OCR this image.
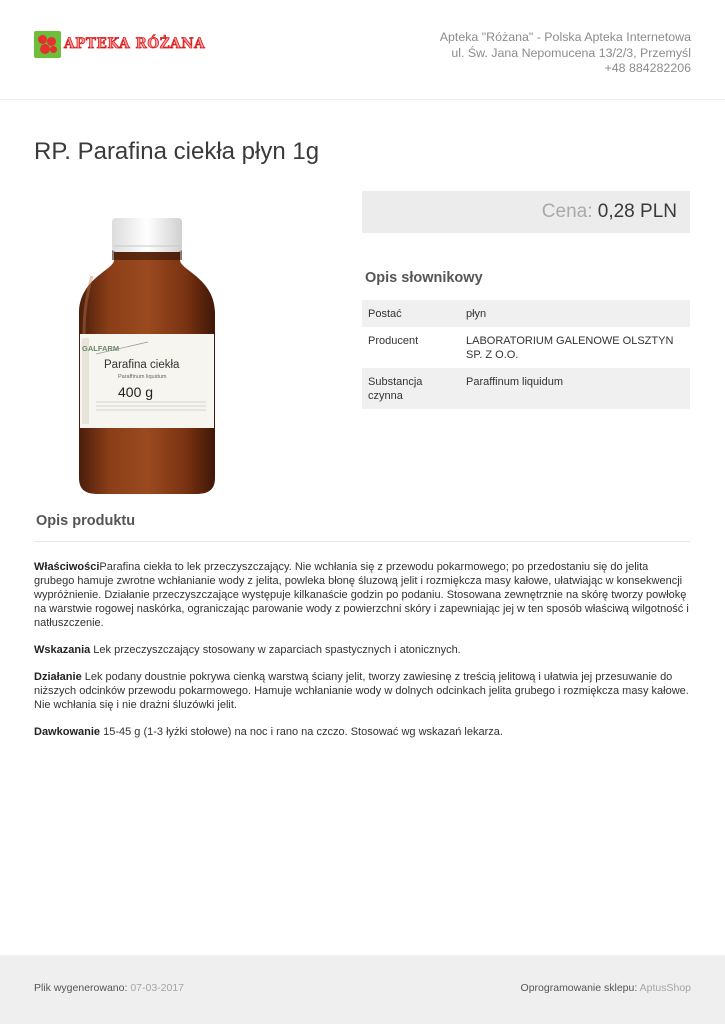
APTEKA RÓŻANA	Apteka "Różana" - Polska Apteka Internetowa
ul. Św. Jana Nepomucena 13/2/3, Przemyśl
+48 884282206
RP. Parafina ciekła płyn 1g
GALFARM
Parafina ciekła
Paraffinum liquidum
400 g
Cena: 0,28 PLN
Opis słownikowy
Postać	płyn
Producent	LABORATORIUM GALENOWE OLSZTYN SP. Z O.O.
Substancja czynna	Paraffinum liquidum
Opis produktu

WłaściwościParafina ciekła to lek przeczyszczający. Nie wchłania się z przewodu pokarmowego; po przedostaniu się do jelita grubego hamuje zwrotne wchłanianie wody z jelita, powleka błonę śluzową jelit i rozmiękcza masy kałowe, ułatwiając w konsekwencji wypróżnienie. Działanie przeczyszczające występuje kilkanaście godzin po podaniu. Stosowana zewnętrznie na skórę tworzy powłokę na warstwie rogowej naskórka, ograniczając parowanie wody z powierzchni skóry i zapewniając jej w ten sposób właściwą wilgotność i natłuszczenie.

Wskazania Lek przeczyszczający stosowany w zaparciach spastycznych i atonicznych.

Działanie Lek podany doustnie pokrywa cienką warstwą ściany jelit, tworzy zawiesinę z treścią jelitową i ułatwia jej przesuwanie do niższych odcinków przewodu pokarmowego. Hamuje wchłanianie wody w dolnych odcinkach jelita grubego i rozmiękcza masy kałowe. Nie wchłania się i nie drażni śluzówki jelit.

Dawkowanie 15-45 g (1-3 łyżki stołowe) na noc i rano na czczo. Stosować wg wskazań lekarza.

Plik wygenerowano: 07-03-2017	Oprogramowanie sklepu: AptusShop
